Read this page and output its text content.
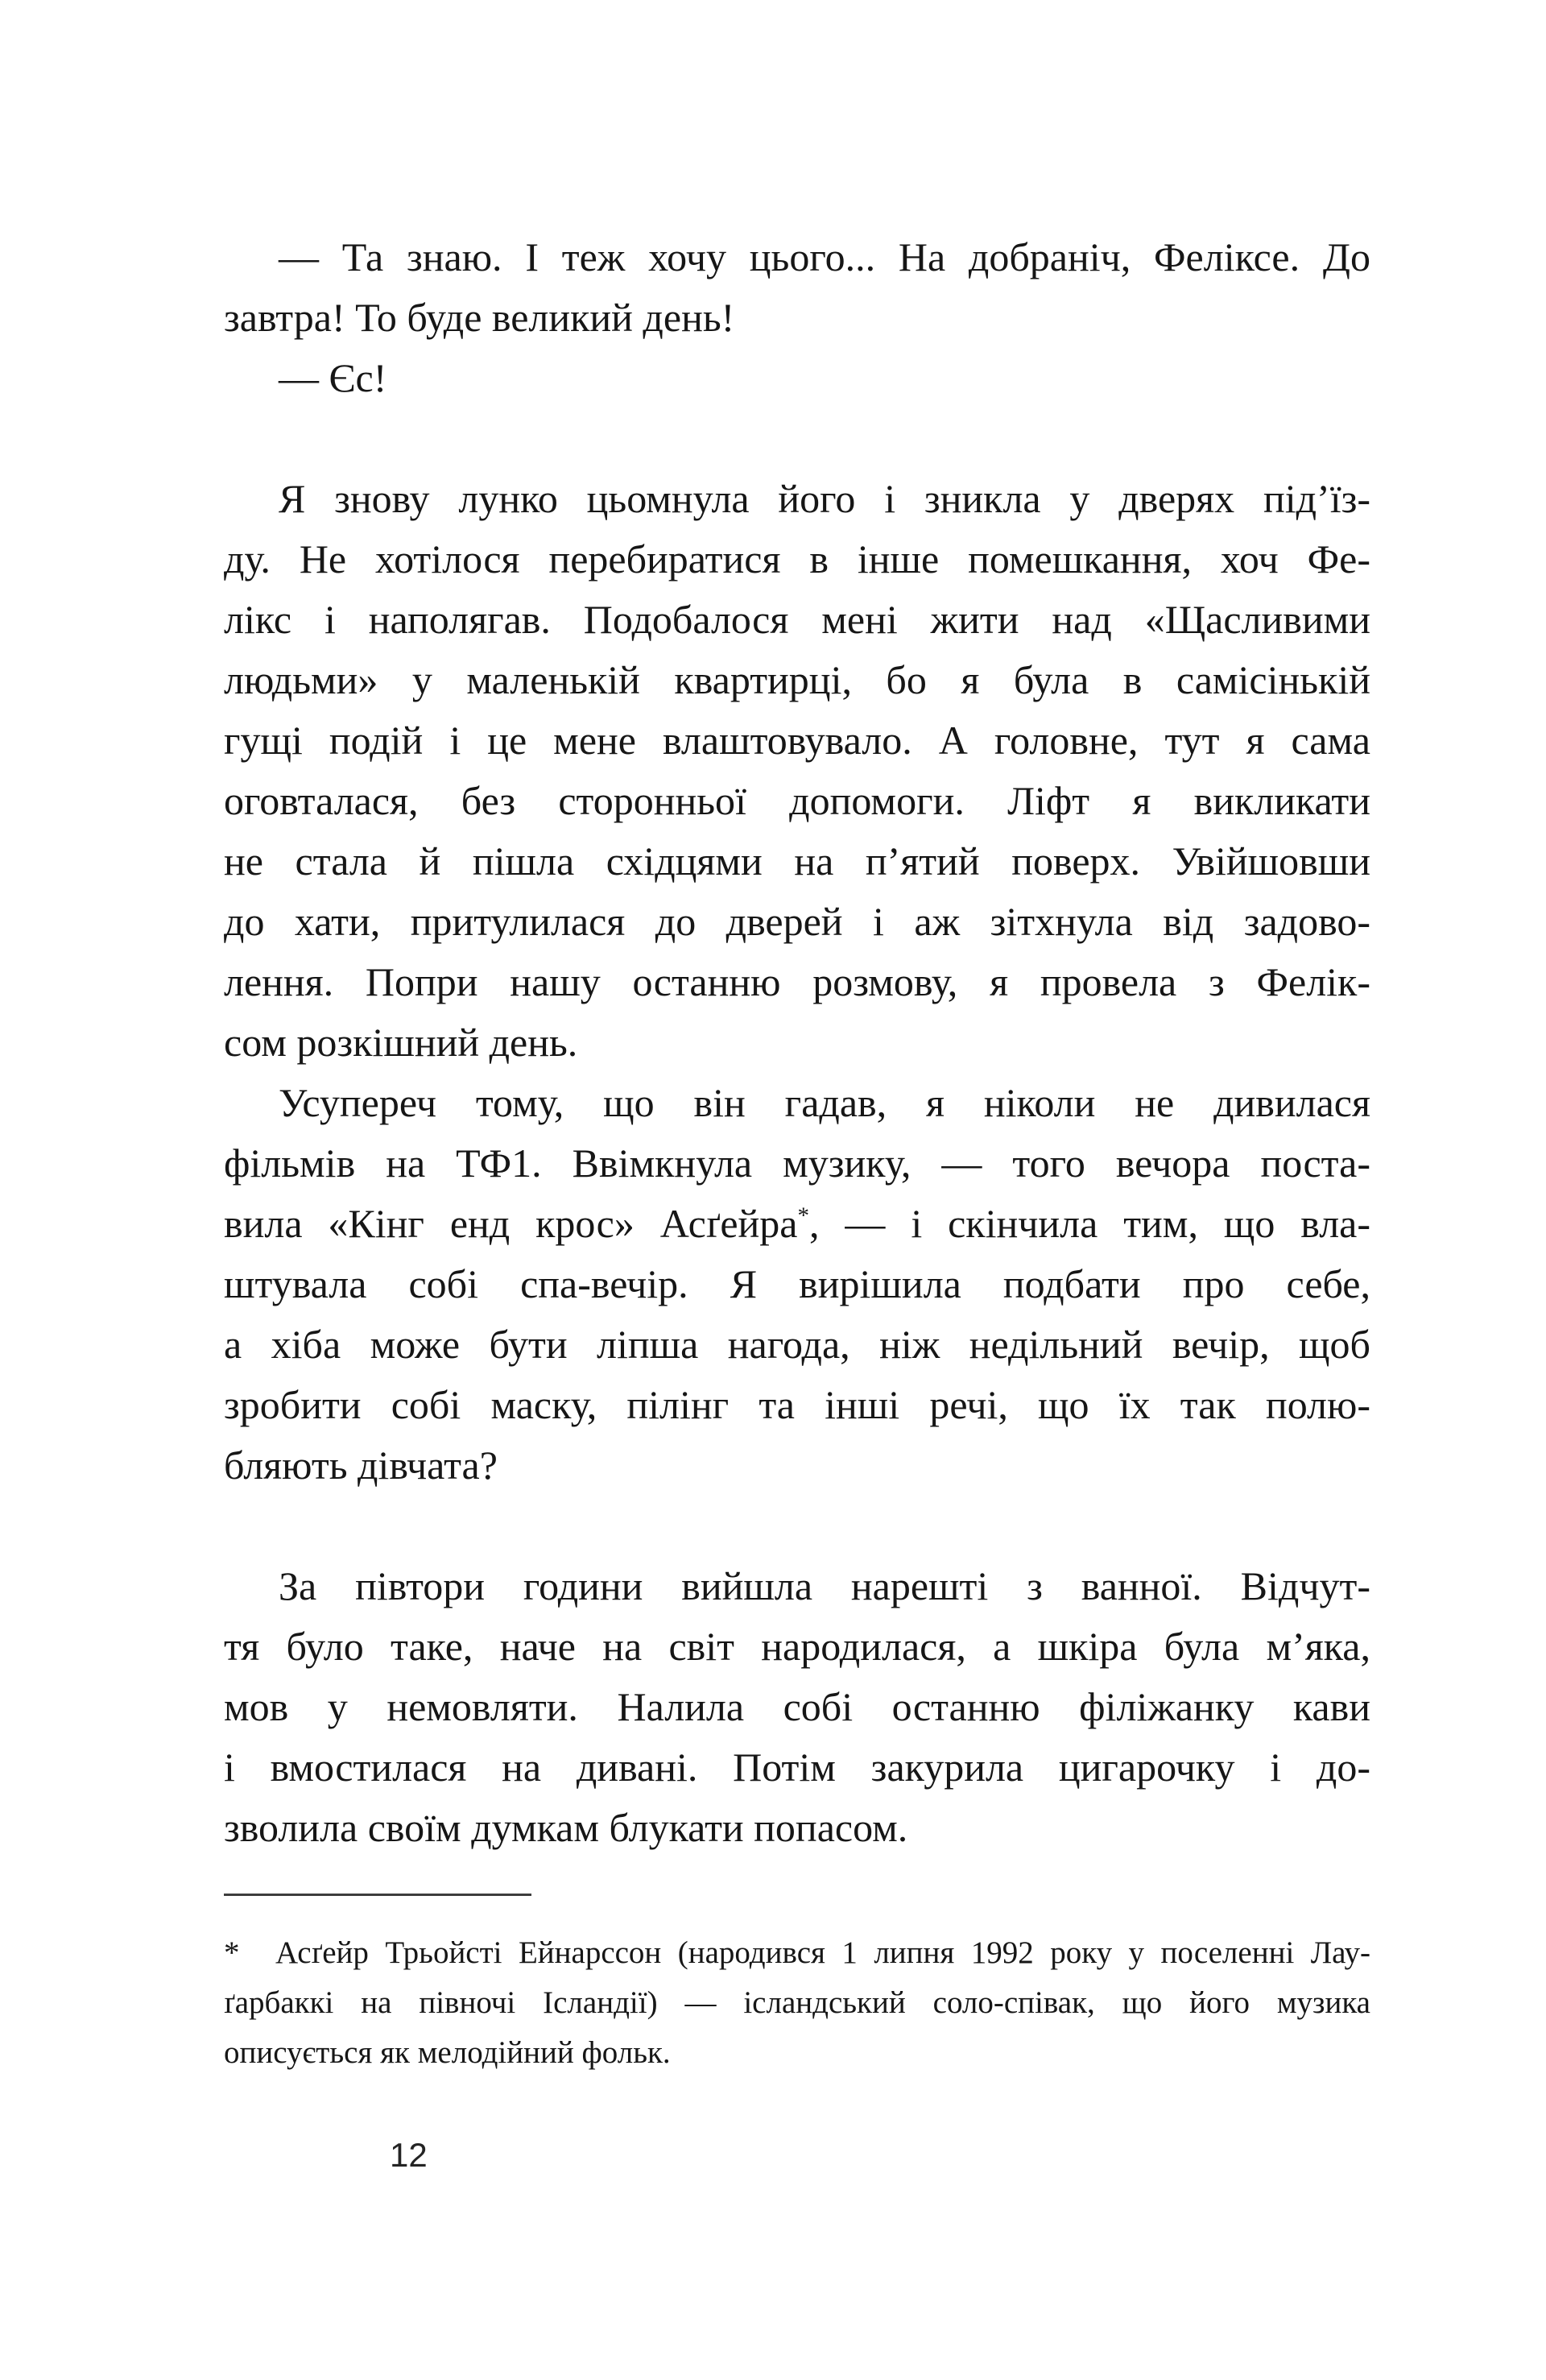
— Та знаю. І теж хочу цього... На добраніч, Феліксе. До
завтра! То буде великий день!
— Єс!
Я знову лунко цьомнула його і зникла у дверях під’їз-
ду. Не хотілося перебиратися в інше помешкання, хоч Фе-
лікс і наполягав. Подобалося мені жити над «Щасливими
людьми» у маленькій квартирці, бо я була в самісінькій
гущі подій і це мене влаштовувало. А головне, тут я сама
оговталася, без сторонньої допомоги. Ліфт я викликати
не стала й пішла східцями на п’ятий поверх. Увійшовши
до хати, притулилася до дверей і аж зітхнула від задово-
лення. Попри нашу останню розмову, я провела з Фелік-
сом розкішний день.
Усупереч тому, що він гадав, я ніколи не дивилася
фільмів на ТФ1. Ввімкнула музику, — того вечора поста-
вила «Кінг енд крос» Асґейра*, — і скінчила тим, що вла-
штувала собі спа-вечір. Я вирішила подбати про себе,
а хіба може бути ліпша нагода, ніж недільний вечір, щоб
зробити собі маску, пілінг та інші речі, що їх так полю-
бляють дівчата?
За півтори години вийшла нарешті з ванної. Відчут-
тя було таке, наче на світ народилася, а шкіра була м’яка,
мов у немовляти. Налила собі останню філіжанку кави
і вмостилася на дивані. Потім закурила цигарочку і до-
зволила своїм думкам блукати попасом.
* Асґейр Трьойсті Ейнарссон (народився 1 липня 1992 року у поселенні Лау-
ґарбаккі на півночі Ісландії) — ісландський соло-співак, що його музика
описується як мелодійний фольк.
12
